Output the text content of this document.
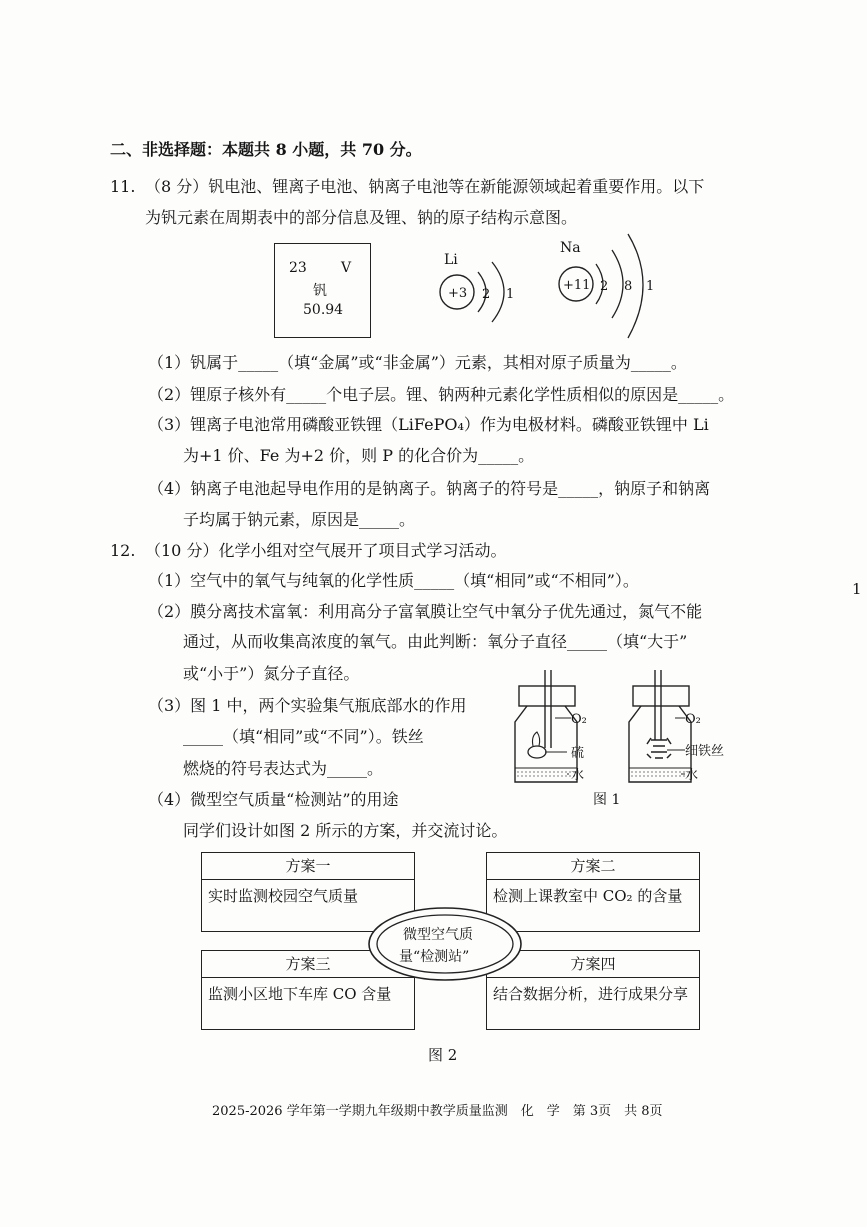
二、非选择题：本题共 8 小题，共 70 分。
11. （8 分）钒电池、锂离子电池、钠离子电池等在新能源领域起着重要作用。以下
为钒元素在周期表中的部分信息及锂、钠的原子结构示意图。
23 V
钒
50.94
Li
+3 2 1
Na
+11 2 8 1
（1）钒属于_____（填“金属”或“非金属”）元素，其相对原子质量为_____。
（2）锂原子核外有_____个电子层。锂、钠两种元素化学性质相似的原因是_____。
（3）锂离子电池常用磷酸亚铁锂（LiFePO₄）作为电极材料。磷酸亚铁锂中 Li
为+1 价、Fe 为+2 价，则 P 的化合价为_____。
（4）钠离子电池起导电作用的是钠离子。钠离子的符号是_____，钠原子和钠离
子均属于钠元素，原因是_____。
12. （10 分）化学小组对空气展开了项目式学习活动。
（1）空气中的氧气与纯氧的化学性质_____（填“相同”或“不相同”）。
（2）膜分离技术富氧：利用高分子富氧膜让空气中氧分子优先通过，氮气不能
通过，从而收集高浓度的氧气。由此判断：氧分子直径_____（填“大于”
或“小于”）氮分子直径。
（3）图 1 中，两个实验集气瓶底部水的作用
_____（填“相同”或“不同”）。铁丝
燃烧的符号表达式为_____。
（4）微型空气质量“检测站”的用途
同学们设计如图 2 所示的方案，并交流讨论。
O₂
硫
水
O₂
细铁丝
水
图 1
方案一
实时监测校园空气质量
方案二
检测上课教室中 CO₂ 的含量
方案三
监测小区地下车库 CO 含量
方案四
结合数据分析，进行成果分享
微型空气质
量“检测站”
图 2
2025-2026 学年第一学期九年级期中教学质量监测　化　学　第 3页　共 8页
1
